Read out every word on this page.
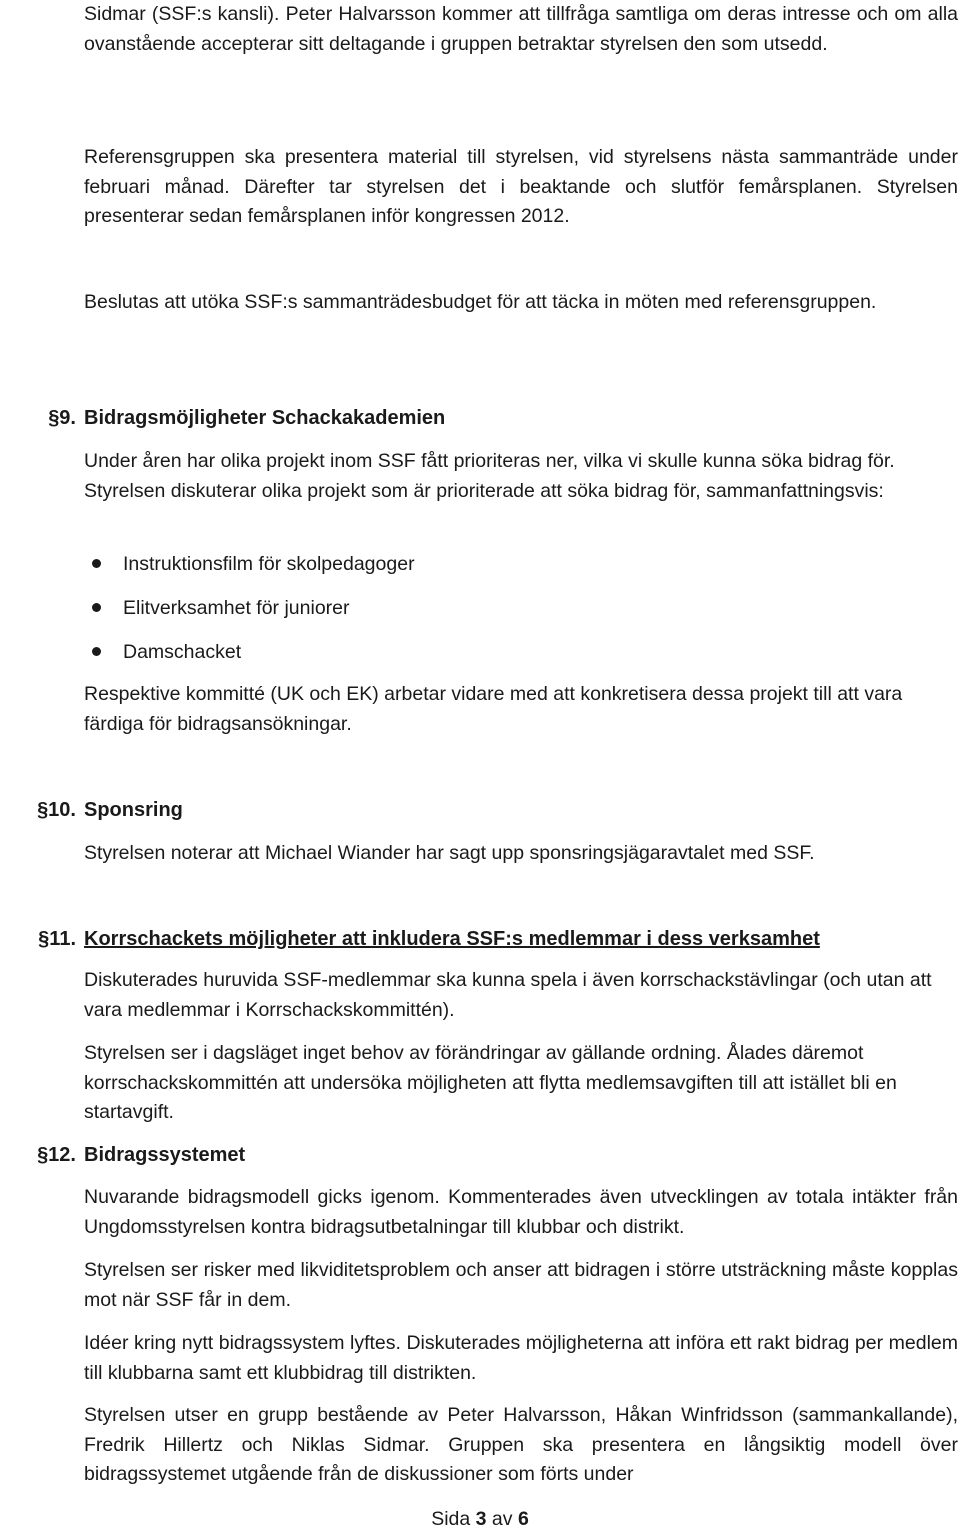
Sidmar (SSF:s kansli). Peter Halvarsson kommer att tillfråga samtliga om deras intresse och om alla ovanstående accepterar sitt deltagande i gruppen betraktar styrelsen den som utsedd.

Referensgruppen ska presentera material till styrelsen, vid styrelsens nästa sammanträde under februari månad. Därefter tar styrelsen det i beaktande och slutför femårsplanen. Styrelsen presenterar sedan femårsplanen inför kongressen 2012.

Beslutas att utöka SSF:s sammanträdesbudget för att täcka in möten med referensgruppen.

§9. Bidragsmöjligheter Schackakademien

Under åren har olika projekt inom SSF fått prioriteras ner, vilka vi skulle kunna söka bidrag för. Styrelsen diskuterar olika projekt som är prioriterade att söka bidrag för, sammanfattningsvis:

Instruktionsfilm för skolpedagoger
Elitverksamhet för juniorer
Damschacket

Respektive kommitté (UK och EK) arbetar vidare med att konkretisera dessa projekt till att vara färdiga för bidragsansökningar.

§10. Sponsring

Styrelsen noterar att Michael Wiander har sagt upp sponsringsjägaravtalet med SSF.

§11. Korrschackets möjligheter att inkludera SSF:s medlemmar i dess verksamhet

Diskuterades huruvida SSF-medlemmar ska kunna spela i även korrschackstävlingar (och utan att vara medlemmar i Korrschackskommittén).

Styrelsen ser i dagsläget inget behov av förändringar av gällande ordning. Ålades däremot korrschackskommittén att undersöka möjligheten att flytta medlemsavgiften till att istället bli en startavgift.

§12. Bidragssystemet

Nuvarande bidragsmodell gicks igenom. Kommenterades även utvecklingen av totala intäkter från Ungdomsstyrelsen kontra bidragsutbetalningar till klubbar och distrikt.

Styrelsen ser risker med likviditetsproblem och anser att bidragen i större utsträckning måste kopplas mot när SSF får in dem.

Idéer kring nytt bidragssystem lyftes. Diskuterades möjligheterna att införa ett rakt bidrag per medlem till klubbarna samt ett klubbidrag till distrikten.

Styrelsen utser en grupp bestående av Peter Halvarsson, Håkan Winfridsson (sammankallande), Fredrik Hillertz och Niklas Sidmar. Gruppen ska presentera en långsiktig modell över bidragssystemet utgående från de diskussioner som förts under

Sida 3 av 6
